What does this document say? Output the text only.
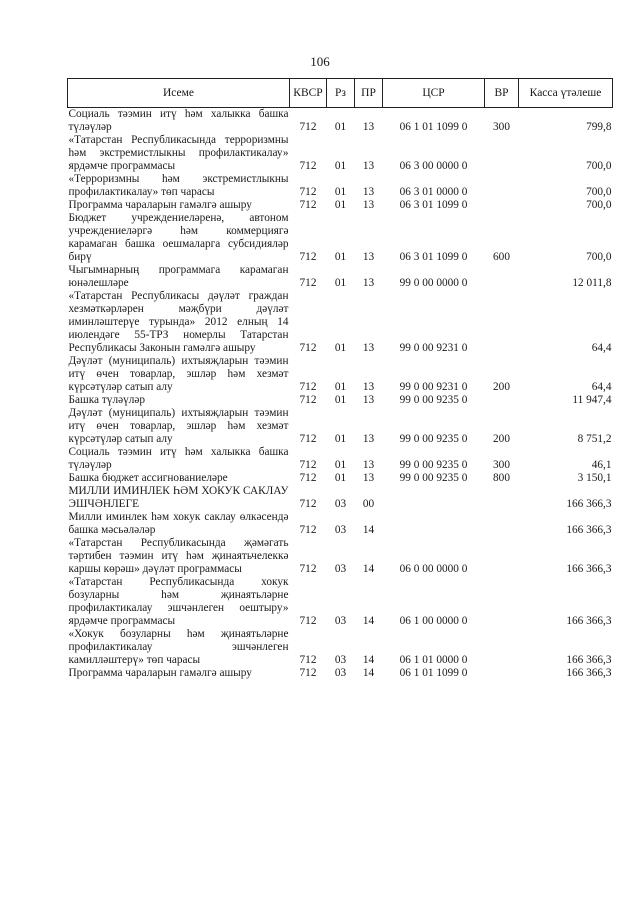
106
Исеме	КВСР	Рз	ПР	ЦСР	ВР	Касса үтәлеше
Социаль тәэмин итү һәм халыкка башка түләүләр	712	01	13	06 1 01 1099 0	300	799,8
«Татарстан Республикасында терроризмны һәм экстремистлыкны профилактикалау» ярдәмче программасы	712	01	13	06 3 00 0000 0		700,0
«Терроризмны һәм экстремистлыкны профилактикалау» төп чарасы	712	01	13	06 3 01 0000 0		700,0
Программа чараларын гамәлгә ашыру	712	01	13	06 3 01 1099 0		700,0
Бюджет учреждениеләренә, автоном учреждениеләргә һәм коммерциягә карамаган башка оешмаларга субсидияләр бирү	712	01	13	06 3 01 1099 0	600	700,0
Чыгымнарның программага карамаган юнәлешләре	712	01	13	99 0 00 0000 0		12 011,8
«Татарстан Республикасы дәүләт граждан хезмәткәрләрен мәҗбүри дәүләт иминләштерүе турында» 2012 елның 14 июлендәге 55-ТРЗ номерлы Татарстан Республикасы Законын гамәлгә ашыру	712	01	13	99 0 00 9231 0		64,4
Дәүләт (муниципаль) ихтыяҗларын тәэмин итү өчен товарлар, эшләр һәм хезмәт күрсәтүләр сатып алу	712	01	13	99 0 00 9231 0	200	64,4
Башка түләүләр	712	01	13	99 0 00 9235 0		11 947,4
Дәүләт (муниципаль) ихтыяҗларын тәэмин итү өчен товарлар, эшләр һәм хезмәт күрсәтүләр сатып алу	712	01	13	99 0 00 9235 0	200	8 751,2
Социаль тәэмин итү һәм халыкка башка түләүләр	712	01	13	99 0 00 9235 0	300	46,1
Башка бюджет ассигнованиеләре	712	01	13	99 0 00 9235 0	800	3 150,1
МИЛЛИ ИМИНЛЕК ҺӘМ ХОКУК САКЛАУ ЭШЧӘНЛЕГЕ	712	03	00			166 366,3
Милли иминлек һәм хокук саклау өлкәсендә башка мәсьәләләр	712	03	14			166 366,3
«Татарстан Республикасында җәмәгать тәртибен тәэмин итү һәм җинаятьчелеккә каршы көрәш» дәүләт программасы	712	03	14	06 0 00 0000 0		166 366,3
«Татарстан Республикасында хокук бозуларны һәм җинаятьләрне профилактикалау эшчәнлеген оештыру» ярдәмче программасы	712	03	14	06 1 00 0000 0		166 366,3
«Хокук бозуларны һәм җинаятьләрне профилактикалау эшчәнлеген камилләштерү» төп чарасы	712	03	14	06 1 01 0000 0		166 366,3
Программа чараларын гамәлгә ашыру	712	03	14	06 1 01 1099 0		166 366,3
